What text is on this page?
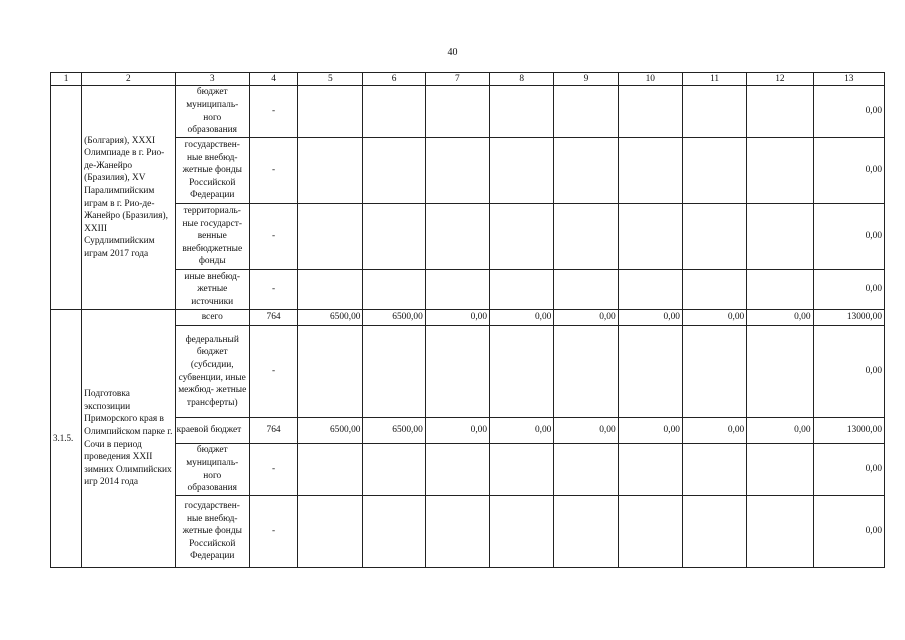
40
1	2	3	4	5	6	7	8	9	10	11	12	13
	(Болгария), XXXI Олимпиаде в г. Рио-де-Жанейро (Бразилия), XV Паралимпийским играм в г. Рио-де-Жанейро (Бразилия), XXIII Сурдлимпийским играм 2017 года	бюджет муниципаль- ного образования	-									0,00
		государствен- ные внебюд- жетные фонды Российской Федерации	-									0,00
		территориаль- ные государст- венные внебюджетные фонды	-									0,00
		иные внебюд- жетные источники	-									0,00
3.1.5.	Подготовка экспозиции Приморского края в Олимпийском парке г. Сочи в период проведения XXII зимних Олимпийских игр 2014 года	всего	764	6500,00	6500,00	0,00	0,00	0,00	0,00	0,00	0,00	13000,00
		федеральный бюджет (субсидии, субвенции, иные межбюд- жетные трансферты)	-									0,00
		краевой бюджет	764	6500,00	6500,00	0,00	0,00	0,00	0,00	0,00	0,00	13000,00
		бюджет муниципаль- ного образования	-									0,00
		государствен- ные внебюд- жетные фонды Российской Федерации	-									0,00
